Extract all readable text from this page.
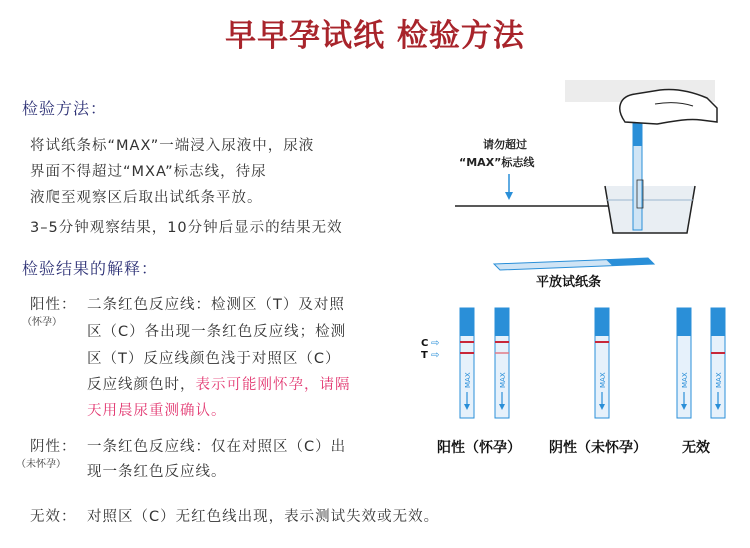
早早孕试纸 检验方法
检验方法：
将试纸条标“MAX”一端浸入尿液中，尿液
界面不得超过“MXA”标志线，待尿
液爬至观察区后取出试纸条平放。
3–5分钟观察结果，10分钟后显示的结果无效
检验结果的解释：
阳性：
（怀孕）
二条红色反应线：检测区（T）及对照
区（C）各出现一条红色反应线；检测
区（T）反应线颜色浅于对照区（C）
反应线颜色时，表示可能刚怀孕，请隔
天用晨尿重测确认。
阴性：
（未怀孕）
一条红色反应线：仅在对照区（C）出
现一条红色反应线。
无效： 对照区（C）无红色线出现，表示测试失效或无效。
请勿超过
“MAX”标志线
平放试纸条
C
T
⇨
⇨
MAX	MAX	MAX	MAX	MAX
阳性（怀孕） 阴性（未怀孕）	无效
